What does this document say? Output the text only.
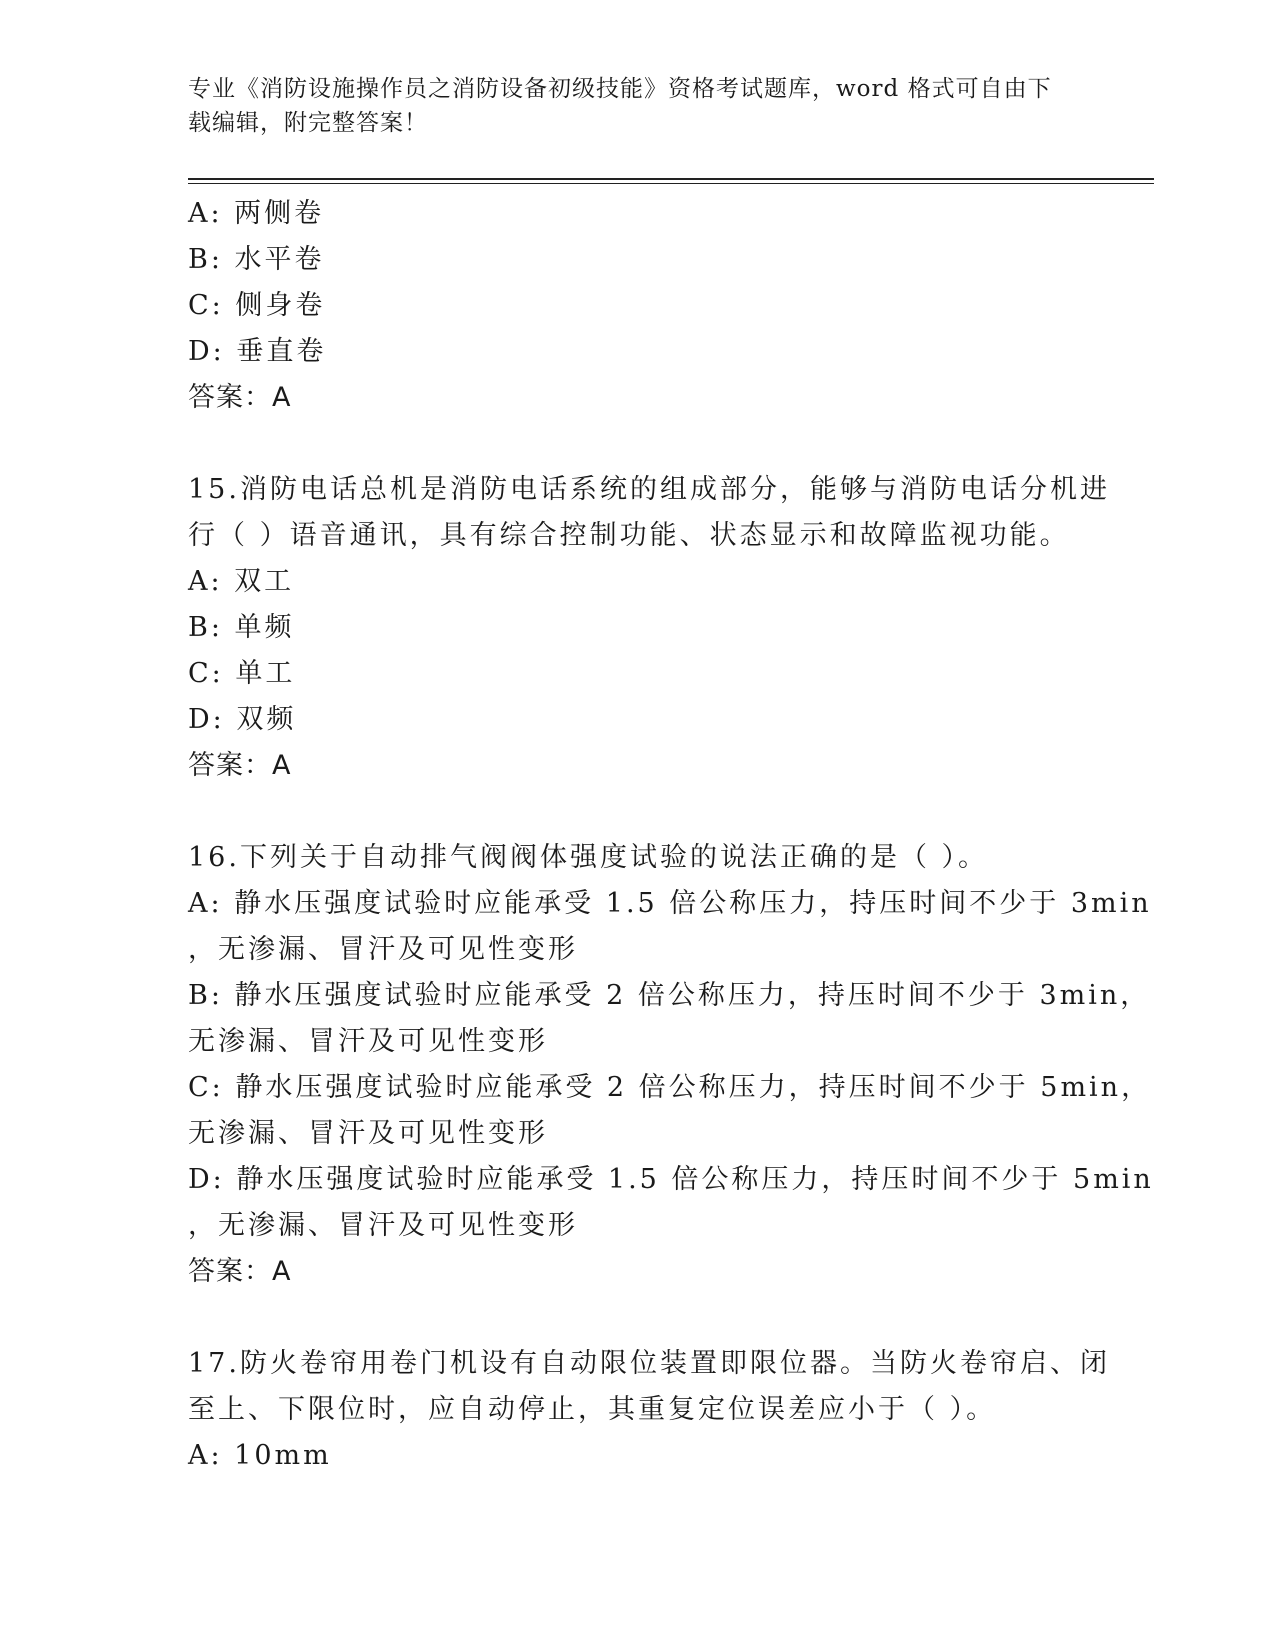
专业《消防设施操作员之消防设备初级技能》资格考试题库，word 格式可自由下
载编辑，附完整答案！
A: 两侧卷
B: 水平卷
C: 侧身卷
D: 垂直卷
答案：A
15.消防电话总机是消防电话系统的组成部分，能够与消防电话分机进
行（ ）语音通讯，具有综合控制功能、状态显示和故障监视功能。
A: 双工
B: 单频
C: 单工
D: 双频
答案：A
16.下列关于自动排气阀阀体强度试验的说法正确的是（ ）。
A: 静水压强度试验时应能承受 1.5 倍公称压力，持压时间不少于 3min
，无渗漏、冒汗及可见性变形
B: 静水压强度试验时应能承受 2 倍公称压力，持压时间不少于 3min，
无渗漏、冒汗及可见性变形
C: 静水压强度试验时应能承受 2 倍公称压力，持压时间不少于 5min，
无渗漏、冒汗及可见性变形
D: 静水压强度试验时应能承受 1.5 倍公称压力，持压时间不少于 5min
，无渗漏、冒汗及可见性变形
答案：A
17.防火卷帘用卷门机设有自动限位装置即限位器。当防火卷帘启、闭
至上、下限位时，应自动停止，其重复定位误差应小于（ ）。
A: 10mm
